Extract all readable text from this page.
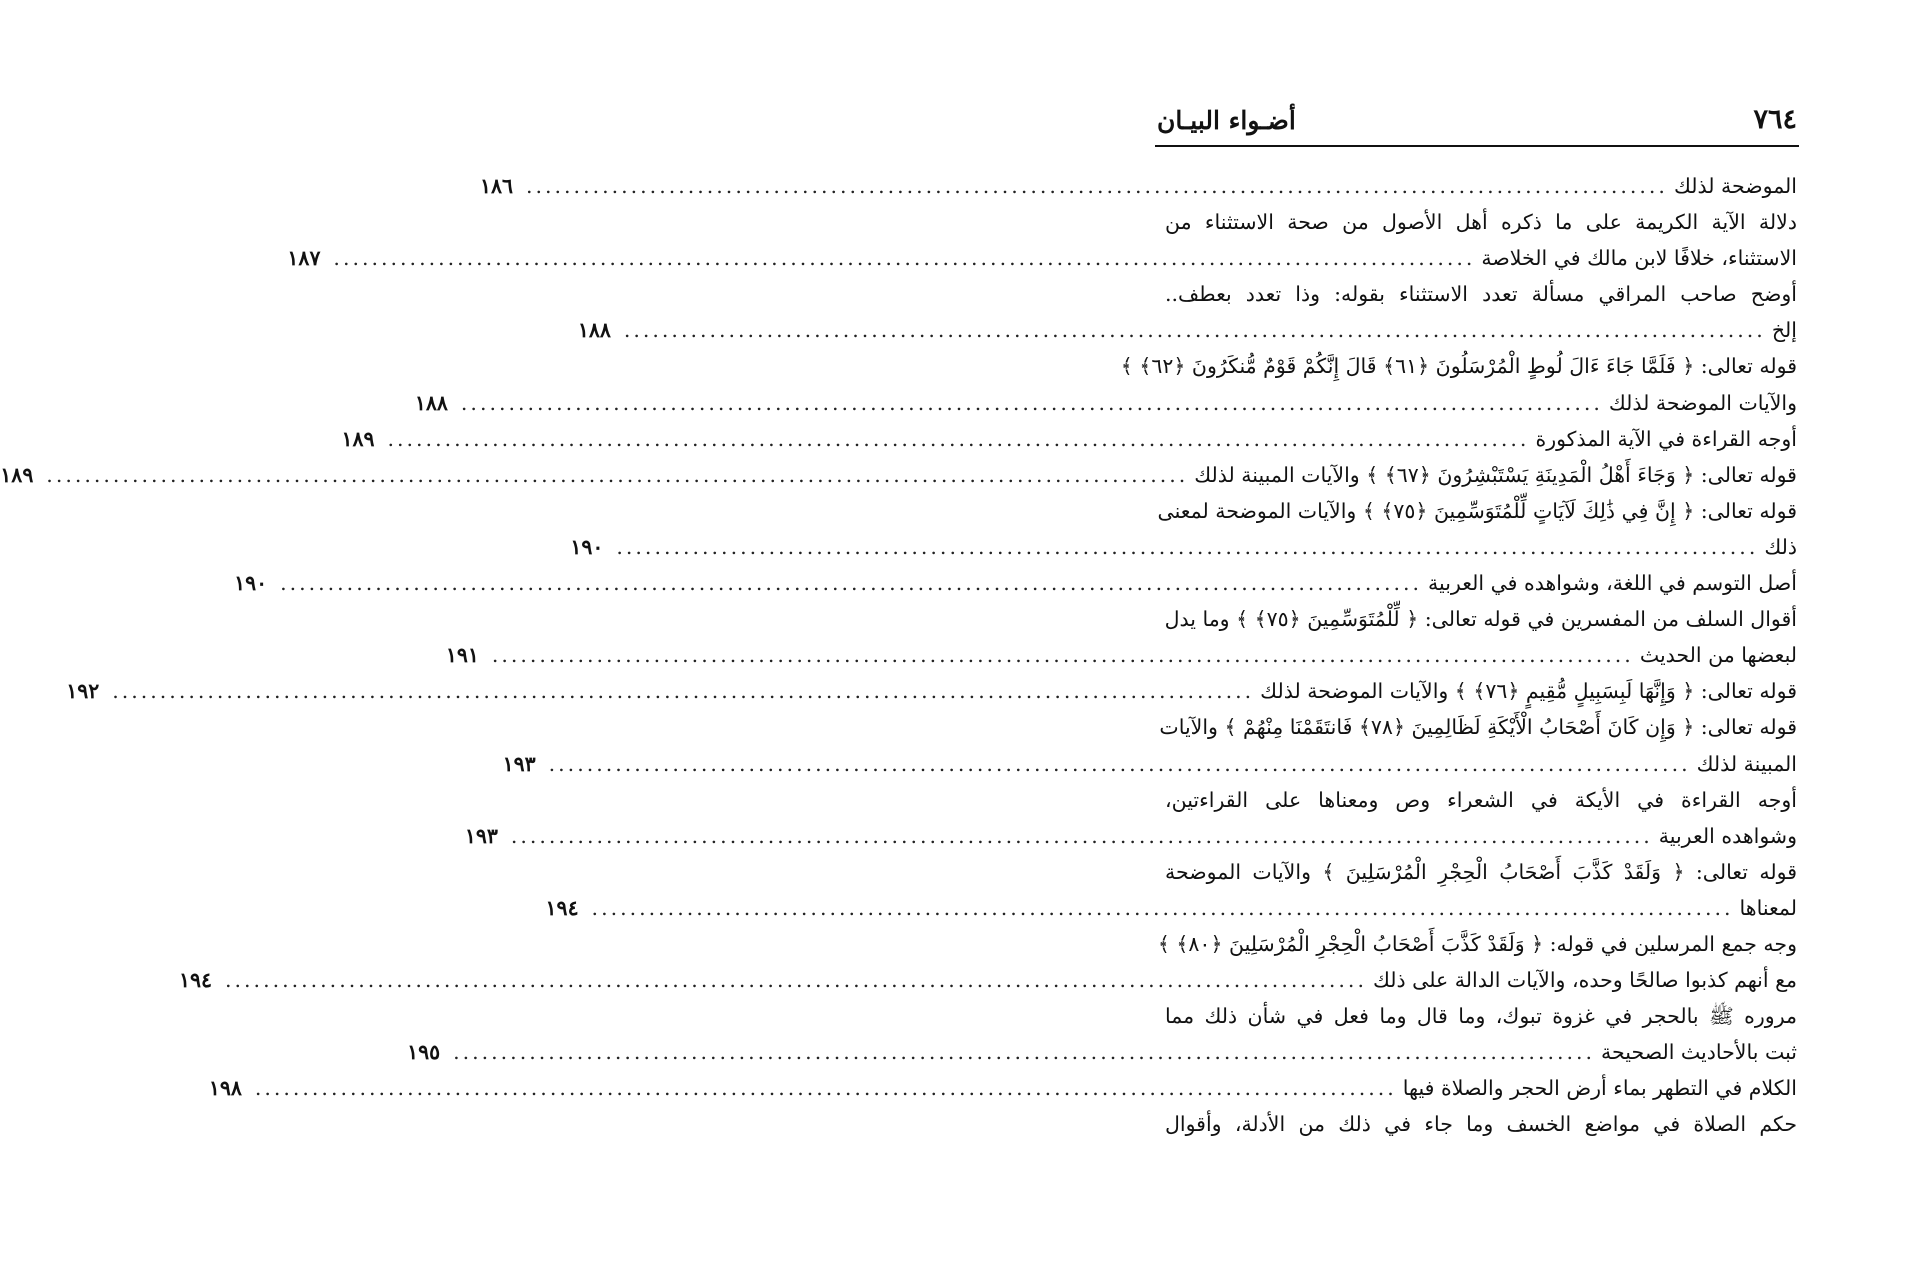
٧٦٤
أضـواء البيـان
الموضحة لذلك
........................................................................................................................
١٨٦
دلالة الآية الكريمة على ما ذكره أهل الأصول من صحة الاستثناء من
الاستثناء، خلافًا لابن مالك في الخلاصة
........................................................................................................................
١٨٧
أوضح صاحب المراقي مسألة تعدد الاستثناء بقوله: وذا تعدد بعطف..
إلخ
........................................................................................................................
١٨٨
قوله تعالى: ﴿ فَلَمَّا جَاءَ ءَالَ لُوطٍ الْمُرْسَلُونَ ﴿٦١﴾ قَالَ إِنَّكُمْ قَوْمٌ مُّنكَرُونَ ﴿٦٢﴾ ﴾
والآيات الموضحة لذلك
........................................................................................................................
١٨٨
أوجه القراءة في الآية المذكورة
........................................................................................................................
١٨٩
قوله تعالى: ﴿ وَجَاءَ أَهْلُ الْمَدِينَةِ يَسْتَبْشِرُونَ ﴿٦٧﴾ ﴾ والآيات المبينة لذلك
........................................................................................................................
١٨٩
قوله تعالى: ﴿ إِنَّ فِي ذَٰلِكَ لَآيَاتٍ لِّلْمُتَوَسِّمِينَ ﴿٧٥﴾ ﴾ والآيات الموضحة لمعنى
ذلك
........................................................................................................................
١٩٠
أصل التوسم في اللغة، وشواهده في العربية
........................................................................................................................
١٩٠
أقوال السلف من المفسرين في قوله تعالى: ﴿ لِّلْمُتَوَسِّمِينَ ﴿٧٥﴾ ﴾ وما يدل
لبعضها من الحديث
........................................................................................................................
١٩١
قوله تعالى: ﴿ وَإِنَّهَا لَبِسَبِيلٍ مُّقِيمٍ ﴿٧٦﴾ ﴾ والآيات الموضحة لذلك
........................................................................................................................
١٩٢
قوله تعالى: ﴿ وَإِن كَانَ أَصْحَابُ الْأَيْكَةِ لَظَالِمِينَ ﴿٧٨﴾ فَانتَقَمْنَا مِنْهُمْ ﴾ والآيات
المبينة لذلك
........................................................................................................................
١٩٣
أوجه القراءة في الأيكة في الشعراء وص ومعناها على القراءتين،
وشواهده العربية
........................................................................................................................
١٩٣
قوله تعالى: ﴿ وَلَقَدْ كَذَّبَ أَصْحَابُ الْحِجْرِ الْمُرْسَلِينَ ﴾ والآيات الموضحة
لمعناها
........................................................................................................................
١٩٤
وجه جمع المرسلين في قوله: ﴿ وَلَقَدْ كَذَّبَ أَصْحَابُ الْحِجْرِ الْمُرْسَلِينَ ﴿٨٠﴾ ﴾
مع أنهم كذبوا صالحًا وحده، والآيات الدالة على ذلك
........................................................................................................................
١٩٤
مروره ﷺ بالحجر في غزوة تبوك، وما قال وما فعل في شأن ذلك مما
ثبت بالأحاديث الصحيحة
........................................................................................................................
١٩٥
الكلام في التطهر بماء أرض الحجر والصلاة فيها
........................................................................................................................
١٩٨
حكم الصلاة في مواضع الخسف وما جاء في ذلك من الأدلة، وأقوال
